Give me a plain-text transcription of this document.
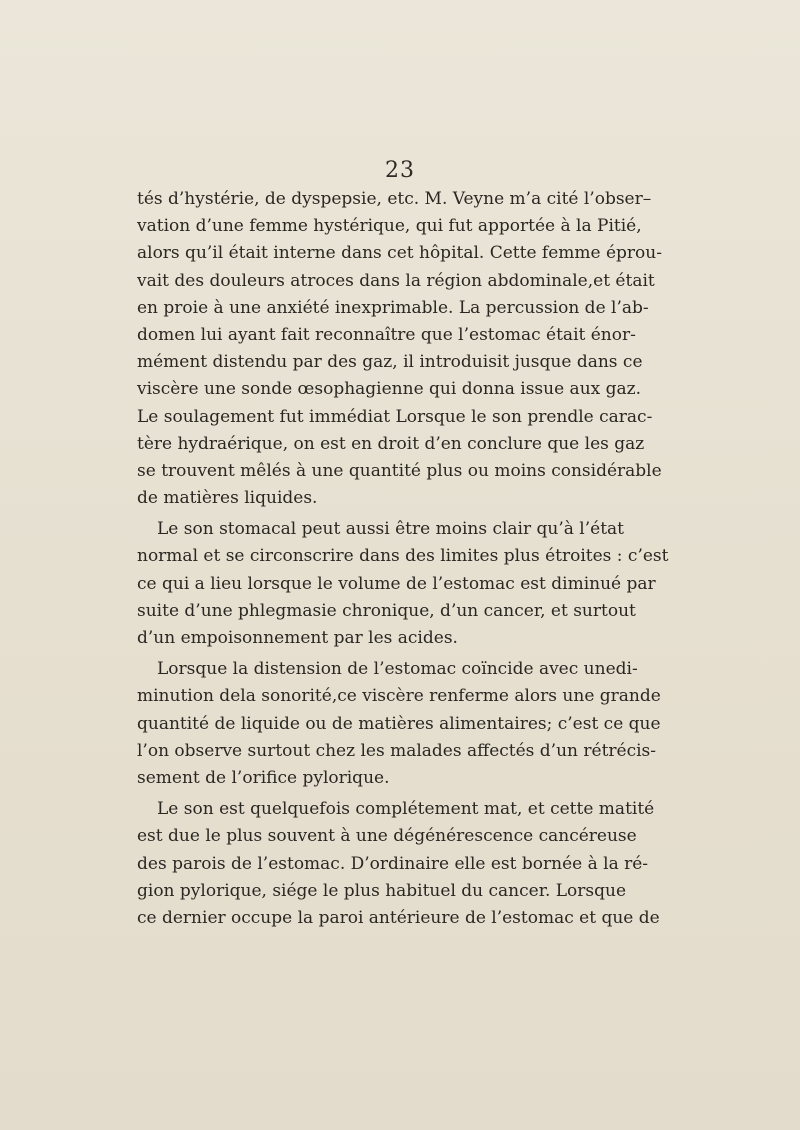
23
tés d’hystérie, de dyspepsie, etc. M. Veyne m’a cité l’obser–
vation d’une femme hystérique, qui fut apportée à la Pitié,
alors qu’il était interne dans cet hôpital. Cette femme éprou-
vait des douleurs atroces dans la région abdominale,et était
en proie à une anxiété inexprimable. La percussion de l’ab-
domen lui ayant fait reconnaître que l’estomac était énor-
mément distendu par des gaz, il introduisit jusque dans ce
viscère une sonde œsophagienne qui donna issue aux gaz.
Le soulagement fut immédiat Lorsque le son prendle carac-
tère hydraérique, on est en droit d’en conclure que les gaz
se trouvent mêlés à une quantité plus ou moins considérable
de matières liquides.
Le son stomacal peut aussi être moins clair qu’à l’état
normal et se circonscrire dans des limites plus étroites : c’est
ce qui a lieu lorsque le volume de l’estomac est diminué par
suite d’une phlegmasie chronique, d’un cancer, et surtout
d’un empoisonnement par les acides.
Lorsque la distension de l’estomac coïncide avec unedi-
minution dela sonorité,ce viscère renferme alors une grande
quantité de liquide ou de matières alimentaires; c’est ce que
l’on observe surtout chez les malades affectés d’un rétrécis-
sement de l’orifice pylorique.
Le son est quelquefois complétement mat, et cette matité
est due le plus souvent à une dégénérescence cancéreuse
des parois de l’estomac. D’ordinaire elle est bornée à la ré-
gion pylorique, siége le plus habituel du cancer. Lorsque
ce dernier occupe la paroi antérieure de l’estomac et que de
